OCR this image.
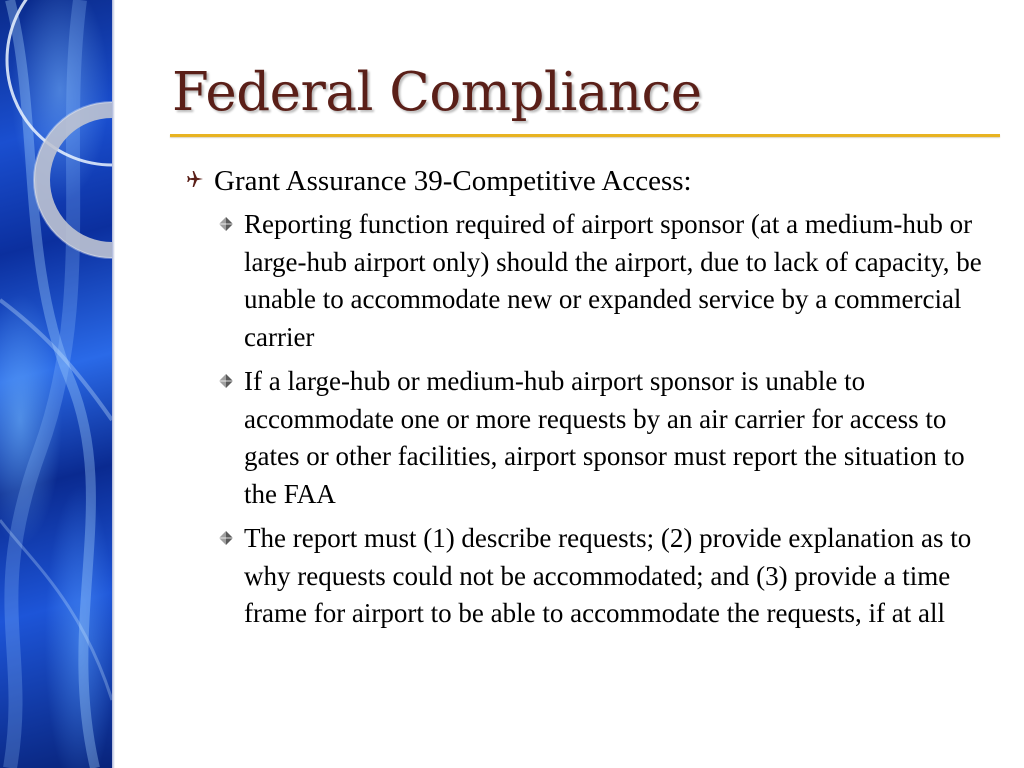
Federal Compliance
Grant Assurance 39-Competitive Access:
Reporting function required of airport sponsor (at a medium-hub or large-hub airport only) should the airport, due to lack of capacity, be unable to accommodate new or expanded service by a commercial carrier
If a large-hub or medium-hub airport sponsor is unable to accommodate one or more requests by an air carrier for access to gates or other facilities, airport sponsor must report the situation to the FAA
The report must (1) describe requests; (2) provide explanation as to why requests could not be accommodated; and (3) provide a time frame for airport to be able to accommodate the requests, if at all
